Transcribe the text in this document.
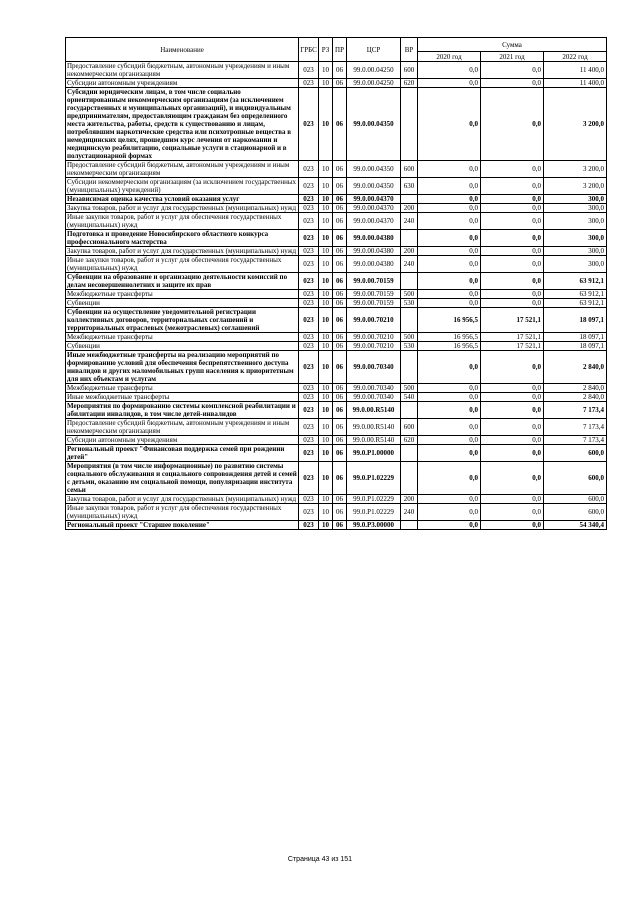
Наименование	ГРБС	РЗ	ПР	ЦСР	ВР	Сумма		
						2020 год	2021 год	2022 год
Предоставление субсидий бюджетным, автономным учреждениям и иным некоммерческим организациям	023	10	06	99.0.00.04250	600	0,0	0,0	11 400,0
Субсидии автономным учреждениям	023	10	06	99.0.00.04250	620	0,0	0,0	11 400,0
Субсидии юридическим лицам, в том числе социально ориентированным некоммерческим организациям (за исключением государственных и муниципальных организаций), и индивидуальным предпринимателям, предоставляющим гражданам без определенного места жительства, работы, средств к существованию и лицам, потреблявшим наркотические средства или психотропные вещества в немедицинских целях, прошедшим курс лечения от наркомании и медицинскую реабилитацию, социальные услуги в стационарной и в полустационарной формах	023	10	06	99.0.00.04350		0,0	0,0	3 200,0
Предоставление субсидий бюджетным, автономным учреждениям и иным некоммерческим организациям	023	10	06	99.0.00.04350	600	0,0	0,0	3 200,0
Субсидии некоммерческим организациям (за исключением государственных (муниципальных) учреждений)	023	10	06	99.0.00.04350	630	0,0	0,0	3 200,0
Независимая оценка качества условий оказания услуг	023	10	06	99.0.00.04370		0,0	0,0	300,0
Закупка товаров, работ и услуг для государственных (муниципальных) нужд	023	10	06	99.0.00.04370	200	0,0	0,0	300,0
Иные закупки товаров, работ и услуг для обеспечения государственных (муниципальных) нужд	023	10	06	99.0.00.04370	240	0,0	0,0	300,0
Подготовка и проведение Новосибирского областного конкурса профессионального мастерства	023	10	06	99.0.00.04380		0,0	0,0	300,0
Закупка товаров, работ и услуг для государственных (муниципальных) нужд	023	10	06	99.0.00.04380	200	0,0	0,0	300,0
Иные закупки товаров, работ и услуг для обеспечения государственных (муниципальных) нужд	023	10	06	99.0.00.04380	240	0,0	0,0	300,0
Субвенции на образование и организацию деятельности комиссий по делам несовершеннолетних и защите их прав	023	10	06	99.0.00.70159		0,0	0,0	63 912,1
Межбюджетные трансферты	023	10	06	99.0.00.70159	500	0,0	0,0	63 912,1
Субвенции	023	10	06	99.0.00.70159	530	0,0	0,0	63 912,1
Субвенции на осуществление уведомительной регистрации коллективных договоров, территориальных соглашений и территориальных отраслевых (межотраслевых) соглашений	023	10	06	99.0.00.70210		16 956,5	17 521,1	18 097,1
Межбюджетные трансферты	023	10	06	99.0.00.70210	500	16 956,5	17 521,1	18 097,1
Субвенции	023	10	06	99.0.00.70210	530	16 956,5	17 521,1	18 097,1
Иные межбюджетные трансферты на реализацию мероприятий по формированию условий для обеспечения беспрепятственного доступа инвалидов и других маломобильных групп населения к приоритетным для них объектам и услугам	023	10	06	99.0.00.70340		0,0	0,0	2 840,0
Межбюджетные трансферты	023	10	06	99.0.00.70340	500	0,0	0,0	2 840,0
Иные межбюджетные трансферты	023	10	06	99.0.00.70340	540	0,0	0,0	2 840,0
Мероприятия по формированию системы комплексной реабилитации и абилитации инвалидов, в том числе детей-инвалидов	023	10	06	99.0.00.R5140		0,0	0,0	7 173,4
Предоставление субсидий бюджетным, автономным учреждениям и иным некоммерческим организациям	023	10	06	99.0.00.R5140	600	0,0	0,0	7 173,4
Субсидии автономным учреждениям	023	10	06	99.0.00.R5140	620	0,0	0,0	7 173,4
Региональный проект "Финансовая поддержка семей при рождении детей"	023	10	06	99.0.P1.00000		0,0	0,0	600,0
Мероприятия (в том числе информационные) по развитию системы социального обслуживания и социального сопровождения детей и семей с детьми, оказанию им социальной помощи, популяризации института семьи	023	10	06	99.0.P1.02229		0,0	0,0	600,0
Закупка товаров, работ и услуг для государственных (муниципальных) нужд	023	10	06	99.0.P1.02229	200	0,0	0,0	600,0
Иные закупки товаров, работ и услуг для обеспечения государственных (муниципальных) нужд	023	10	06	99.0.P1.02229	240	0,0	0,0	600,0
Региональный проект "Старшее поколение"	023	10	06	99.0.P3.00000		0,0	0,0	54 340,4
Страница 43 из 151
